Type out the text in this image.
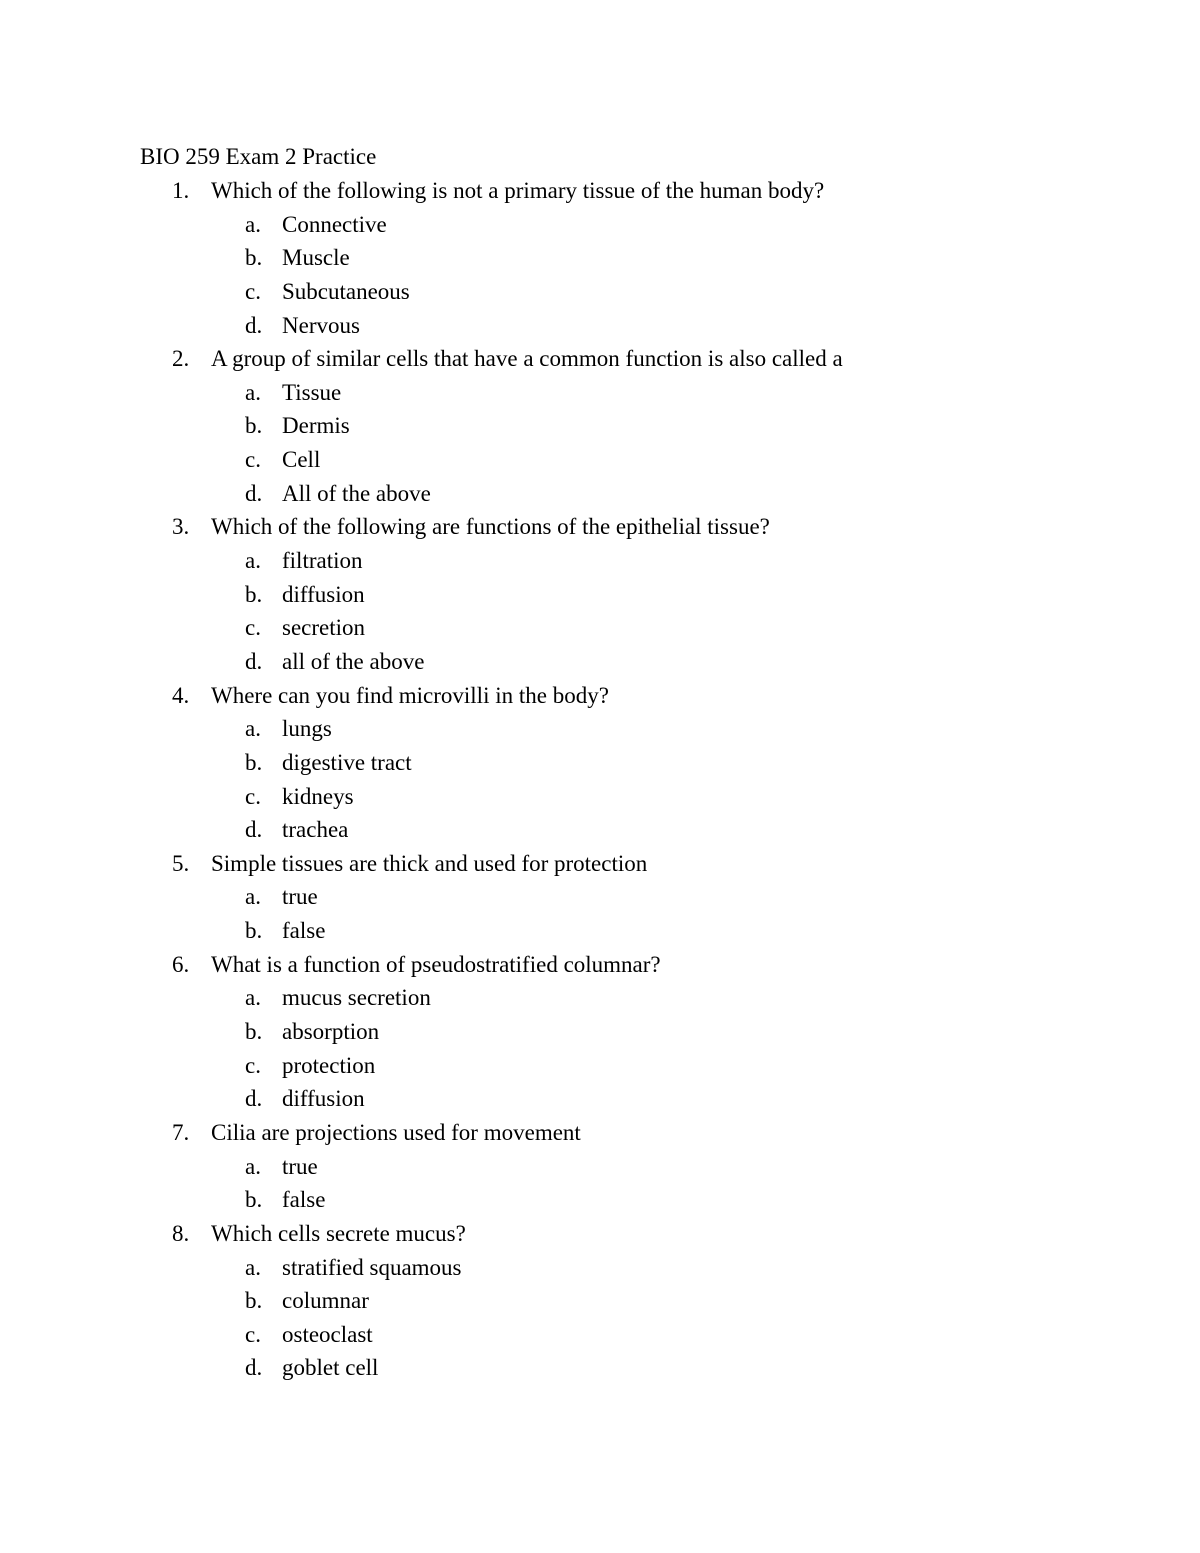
BIO 259 Exam 2 Practice
1. Which of the following is not a primary tissue of the human body?
a. Connective
b. Muscle
c. Subcutaneous
d. Nervous
2. A group of similar cells that have a common function is also called a
a. Tissue
b. Dermis
c. Cell
d. All of the above
3. Which of the following are functions of the epithelial tissue?
a. filtration
b. diffusion
c. secretion
d. all of the above
4. Where can you find microvilli in the body?
a. lungs
b. digestive tract
c. kidneys
d. trachea
5. Simple tissues are thick and used for protection
a. true
b. false
6. What is a function of pseudostratified columnar?
a. mucus secretion
b. absorption
c. protection
d. diffusion
7. Cilia are projections used for movement
a. true
b. false
8. Which cells secrete mucus?
a. stratified squamous
b. columnar
c. osteoclast
d. goblet cell
